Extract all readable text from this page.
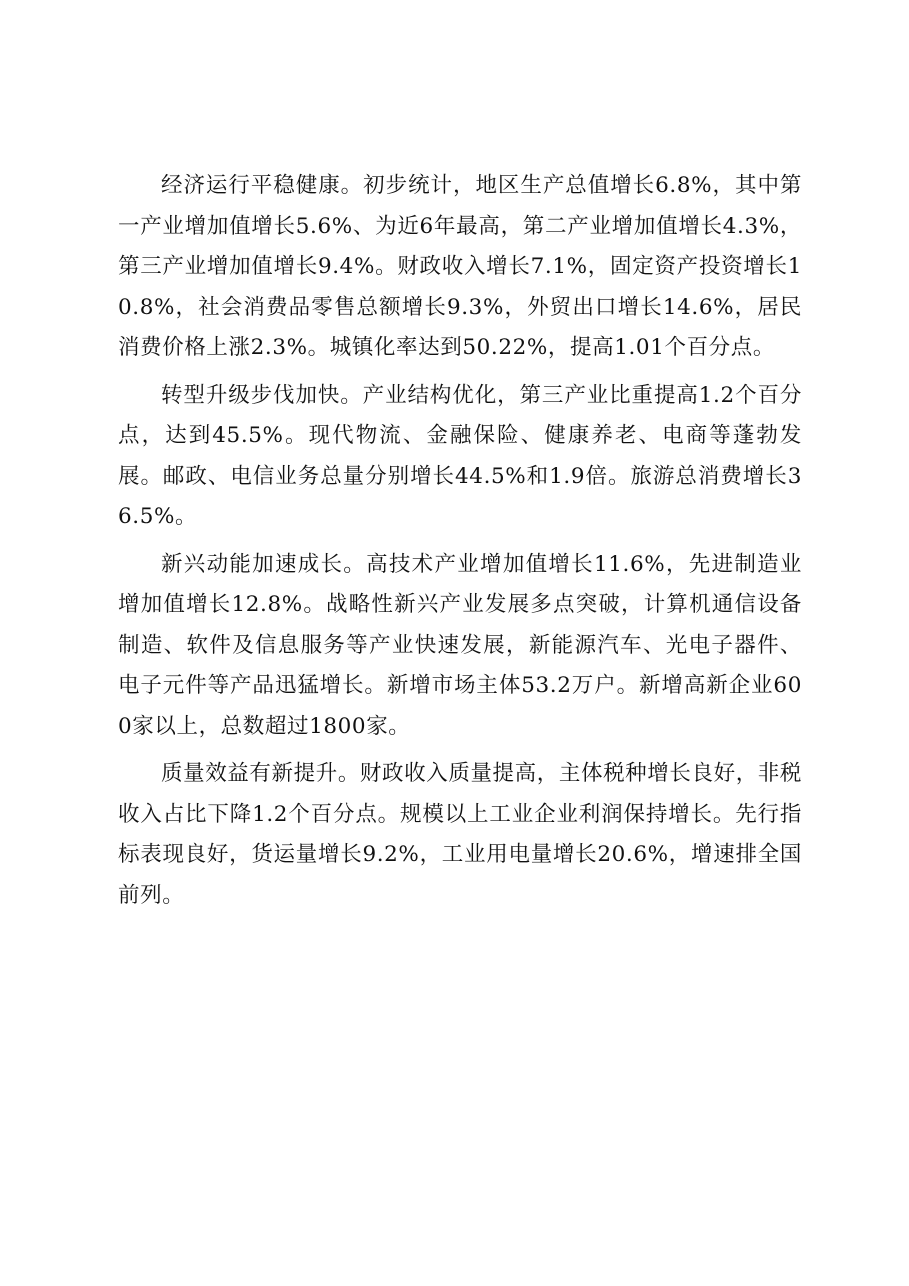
经济运行平稳健康。初步统计，地区生产总值增长6.8%，其中第一产业增加值增长5.6%、为近6年最高，第二产业增加值增长4.3%，第三产业增加值增长9.4%。财政收入增长7.1%，固定资产投资增长10.8%，社会消费品零售总额增长9.3%，外贸出口增长14.6%，居民消费价格上涨2.3%。城镇化率达到50.22%，提高1.01个百分点。

转型升级步伐加快。产业结构优化，第三产业比重提高1.2个百分点，达到45.5%。现代物流、金融保险、健康养老、电商等蓬勃发展。邮政、电信业务总量分别增长44.5%和1.9倍。旅游总消费增长36.5%。

新兴动能加速成长。高技术产业增加值增长11.6%，先进制造业增加值增长12.8%。战略性新兴产业发展多点突破，计算机通信设备制造、软件及信息服务等产业快速发展，新能源汽车、光电子器件、电子元件等产品迅猛增长。新增市场主体53.2万户。新增高新企业600家以上，总数超过1800家。

质量效益有新提升。财政收入质量提高，主体税种增长良好，非税收入占比下降1.2个百分点。规模以上工业企业利润保持增长。先行指标表现良好，货运量增长9.2%，工业用电量增长20.6%，增速排全国前列。
